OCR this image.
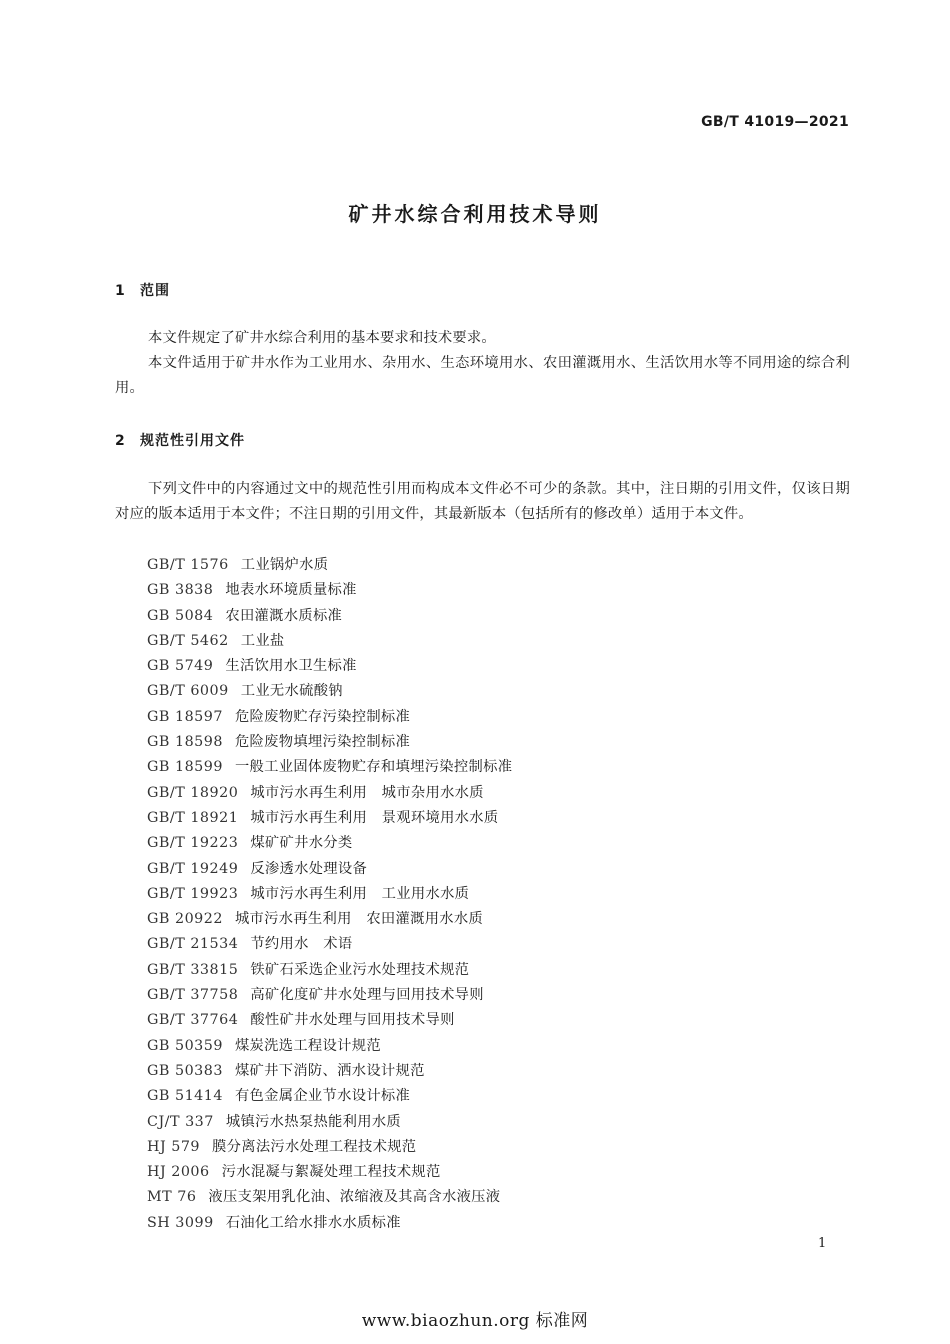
GB/T 41019—2021
矿井水综合利用技术导则
1 范围
本文件规定了矿井水综合利用的基本要求和技术要求。
本文件适用于矿井水作为工业用水、杂用水、生态环境用水、农田灌溉用水、生活饮用水等不同用途的综合利用。
2 规范性引用文件
下列文件中的内容通过文中的规范性引用而构成本文件必不可少的条款。其中，注日期的引用文件，仅该日期对应的版本适用于本文件；不注日期的引用文件，其最新版本（包括所有的修改单）适用于本文件。
GB/T 1576 工业锅炉水质
GB 3838 地表水环境质量标准
GB 5084 农田灌溉水质标准
GB/T 5462 工业盐
GB 5749 生活饮用水卫生标准
GB/T 6009 工业无水硫酸钠
GB 18597 危险废物贮存污染控制标准
GB 18598 危险废物填埋污染控制标准
GB 18599 一般工业固体废物贮存和填埋污染控制标准
GB/T 18920 城市污水再生利用　城市杂用水水质
GB/T 18921 城市污水再生利用　景观环境用水水质
GB/T 19223 煤矿矿井水分类
GB/T 19249 反渗透水处理设备
GB/T 19923 城市污水再生利用　工业用水水质
GB 20922 城市污水再生利用　农田灌溉用水水质
GB/T 21534 节约用水　术语
GB/T 33815 铁矿石采选企业污水处理技术规范
GB/T 37758 高矿化度矿井水处理与回用技术导则
GB/T 37764 酸性矿井水处理与回用技术导则
GB 50359 煤炭洗选工程设计规范
GB 50383 煤矿井下消防、洒水设计规范
GB 51414 有色金属企业节水设计标准
CJ/T 337 城镇污水热泵热能利用水质
HJ 579 膜分离法污水处理工程技术规范
HJ 2006 污水混凝与絮凝处理工程技术规范
MT 76 液压支架用乳化油、浓缩液及其高含水液压液
SH 3099 石油化工给水排水水质标准
1
www.biaozhun.org 标准网
